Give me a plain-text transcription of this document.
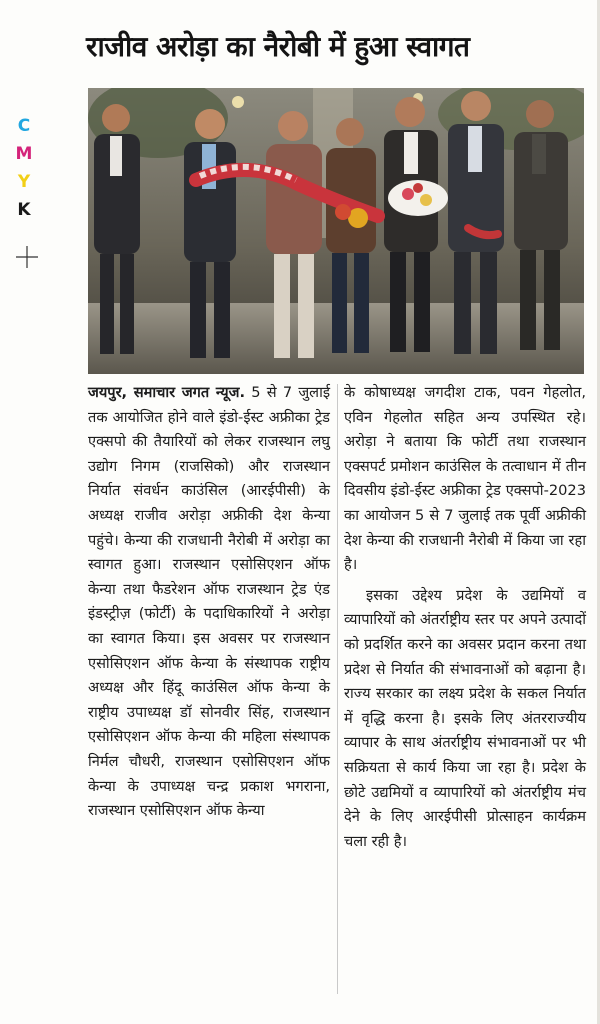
C
M
Y
K
राजीव अरोड़ा का नैरोबी में हुआ स्वागत

जयपुर, समाचार जगत न्यूज. 5 से 7 जुलाई तक आयोजित होने वाले इंडो-ईस्ट अफ्रीका ट्रेड एक्सपो की तैयारियों को लेकर राजस्थान लघु उद्योग निगम (राजसिको) और राजस्थान निर्यात संवर्धन काउंसिल (आरईपीसी) के अध्यक्ष राजीव अरोड़ा अफ्रीकी देश केन्या पहुंचे। केन्या की राजधानी नैरोबी में अरोड़ा का स्वागत हुआ। राजस्थान एसोसिएशन ऑफ केन्या तथा फैडरेशन ऑफ राजस्थान ट्रेड एंड इंडस्ट्रीज़ (फोर्टी) के पदाधिकारियों ने अरोड़ा का स्वागत किया। इस अवसर पर राजस्थान एसोसिएशन ऑफ केन्या के संस्थापक राष्ट्रीय अध्यक्ष और हिंदू काउंसिल ऑफ केन्या के राष्ट्रीय उपाध्यक्ष डॉ सोनवीर सिंह, राजस्थान एसोसिएशन ऑफ केन्या की महिला संस्थापक निर्मल चौधरी, राजस्थान एसोसिएशन ऑफ केन्या के उपाध्यक्ष चन्द्र प्रकाश भगराना, राजस्थान एसोसिएशन ऑफ केन्या

के कोषाध्यक्ष जगदीश टाक, पवन गेहलोत, एविन गेहलोत सहित अन्य उपस्थित रहे। अरोड़ा ने बताया कि फोर्टी तथा राजस्थान एक्सपर्ट प्रमोशन काउंसिल के तत्वाधान में तीन दिवसीय इंडो-ईस्ट अफ्रीका ट्रेड एक्सपो-2023 का आयोजन 5 से 7 जुलाई तक पूर्वी अफ्रीकी देश केन्या की राजधानी नैरोबी में किया जा रहा है।

इसका उद्देश्य प्रदेश के उद्यमियों व व्यापारियों को अंतर्राष्ट्रीय स्तर पर अपने उत्पादों को प्रदर्शित करने का अवसर प्रदान करना तथा प्रदेश से निर्यात की संभावनाओं को बढ़ाना है। राज्य सरकार का लक्ष्य प्रदेश के सकल निर्यात में वृद्धि करना है। इसके लिए अंतरराज्यीय व्यापार के साथ अंतर्राष्ट्रीय संभावनाओं पर भी सक्रियता से कार्य किया जा रहा है। प्रदेश के छोटे उद्यमियों व व्यापारियों को अंतर्राष्ट्रीय मंच देने के लिए आरईपीसी प्रोत्साहन कार्यक्रम चला रही है।
